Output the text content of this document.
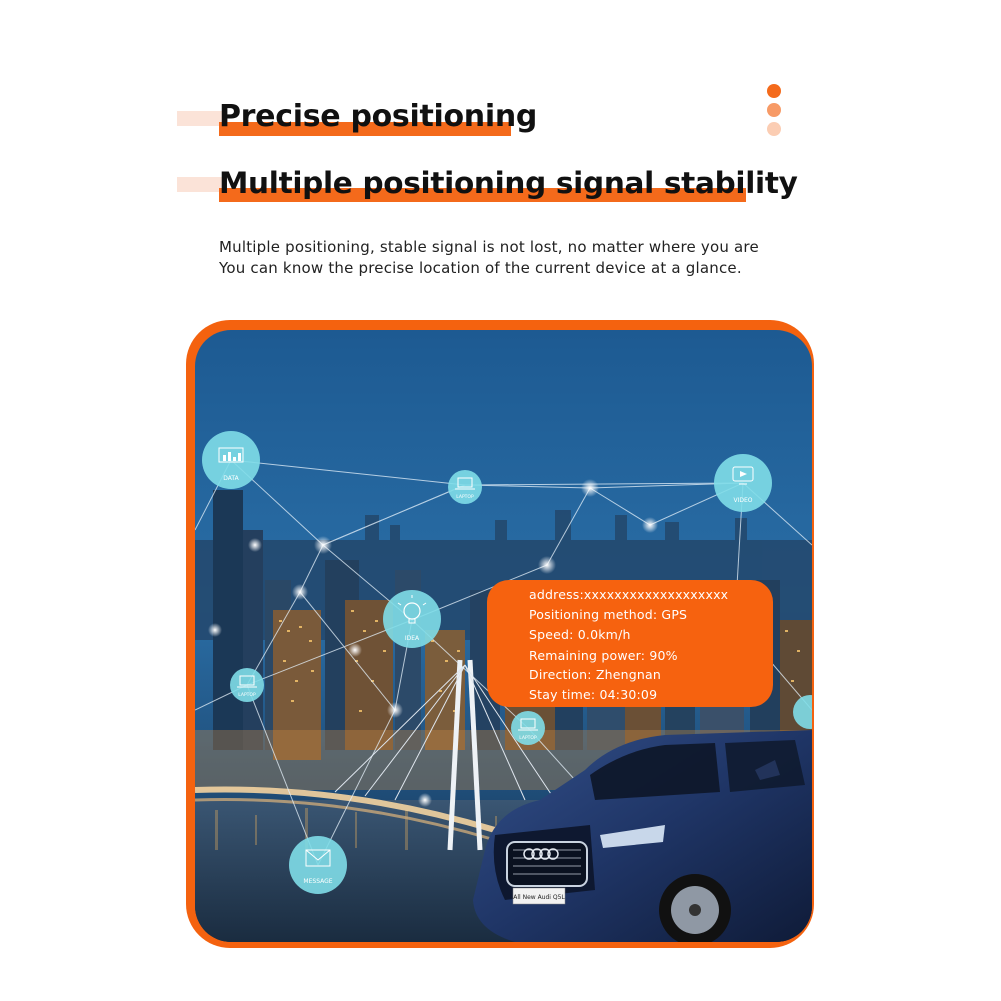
Precise positioning
Multiple positioning signal stability

Multiple positioning, stable signal is not lost, no matter where you are
You can know the precise location of the current device at a glance.

DATA
LAPTOP	VIDEO
IDEA
LAPTOP
LAPTOP
MESSAGE
All New Audi Q5L
address:xxxxxxxxxxxxxxxxxxx
Positioning method: GPS
Speed: 0.0km/h
Remaining power: 90%
Direction: Zhengnan
Stay time: 04:30:09
